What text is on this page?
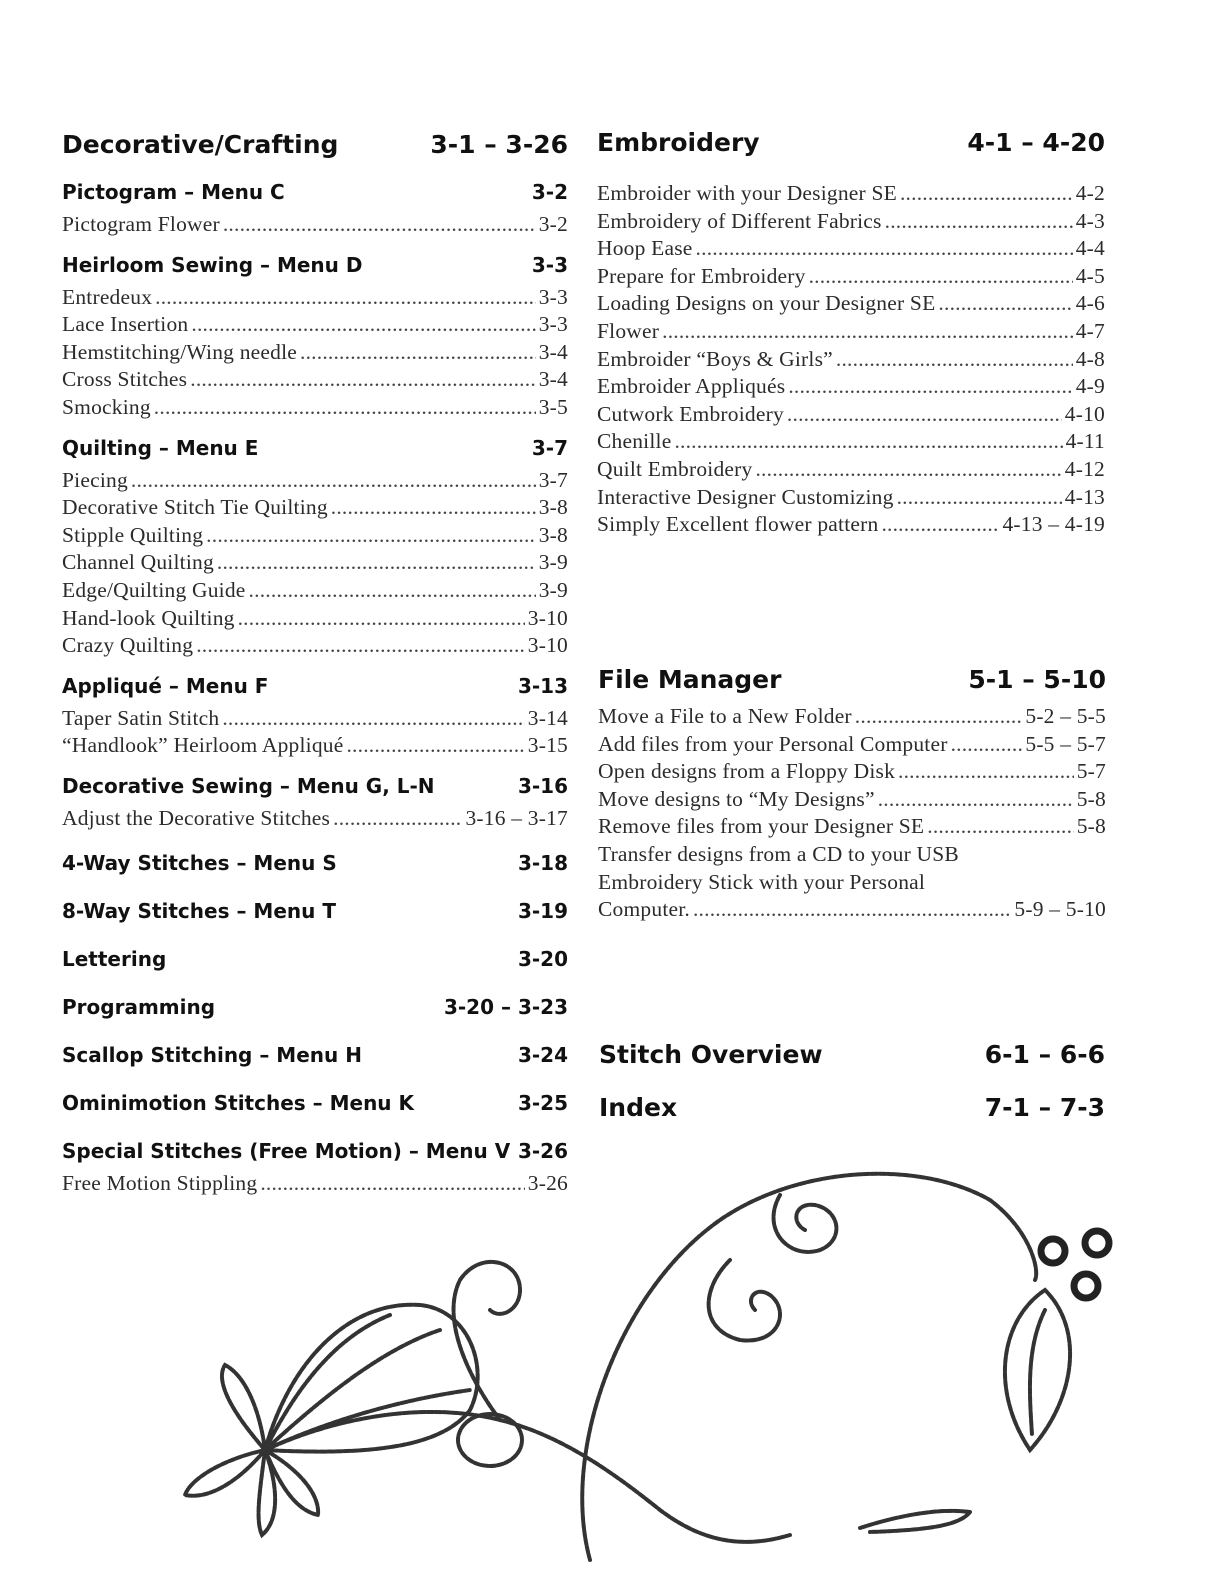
Decorative/Crafting	3-1 – 3-26
Pictogram – Menu C	3-2
Pictogram Flower .....	3-2
Heirloom Sewing – Menu D	3-3
Entredeux .....	3-3
Lace Insertion .....	3-3
Hemstitching/Wing needle .....	3-4
Cross Stitches .....	3-4
Smocking .....	3-5
Quilting – Menu E	3-7
Piecing .....	3-7
Decorative Stitch Tie Quilting .....	3-8
Stipple Quilting .....	3-8
Channel Quilting .....	3-9
Edge/Quilting Guide .....	3-9
Hand-look Quilting .....	3-10
Crazy Quilting .....	3-10
Appliqué – Menu F	3-13
Taper Satin Stitch .....	3-14
“Handlook” Heirloom Appliqué .....	3-15
Decorative Sewing – Menu G, L-N	3-16
Adjust the Decorative Stitches .....	3-16 – 3-17
4-Way Stitches – Menu S	3-18
8-Way Stitches – Menu T	3-19
Lettering	3-20
Programming	3-20 – 3-23
Scallop Stitching – Menu H	3-24
Ominimotion Stitches – Menu K	3-25
Special Stitches (Free Motion) – Menu V 3-26
Free Motion Stippling .....	3-26
Embroidery	4-1 – 4-20
Embroider with your Designer SE .....	4-2
Embroidery of Different Fabrics .....	4-3
Hoop Ease .....	4-4
Prepare for Embroidery .....	4-5
Loading Designs on your Designer SE .....	4-6
Flower .....	4-7
Embroider “Boys & Girls” .....	4-8
Embroider Appliqués .....	4-9
Cutwork Embroidery .....	4-10
Chenille .....	4-11
Quilt Embroidery .....	4-12
Interactive Designer Customizing .....	4-13
Simply Excellent flower pattern .....	4-13 – 4-19
File Manager	5-1 – 5-10
Move a File to a New Folder .....	5-2 – 5-5
Add files from your Personal Computer .....	5-5 – 5-7
Open designs from a Floppy Disk .....	5-7
Move designs to “My Designs” .....	5-8
Remove files from your Designer SE .....	5-8
Transfer designs from a CD to your USB
Embroidery Stick with your Personal
Computer. .....	5-9 – 5-10
Stitch Overview	6-1 – 6-6
Index	7-1 – 7-3
